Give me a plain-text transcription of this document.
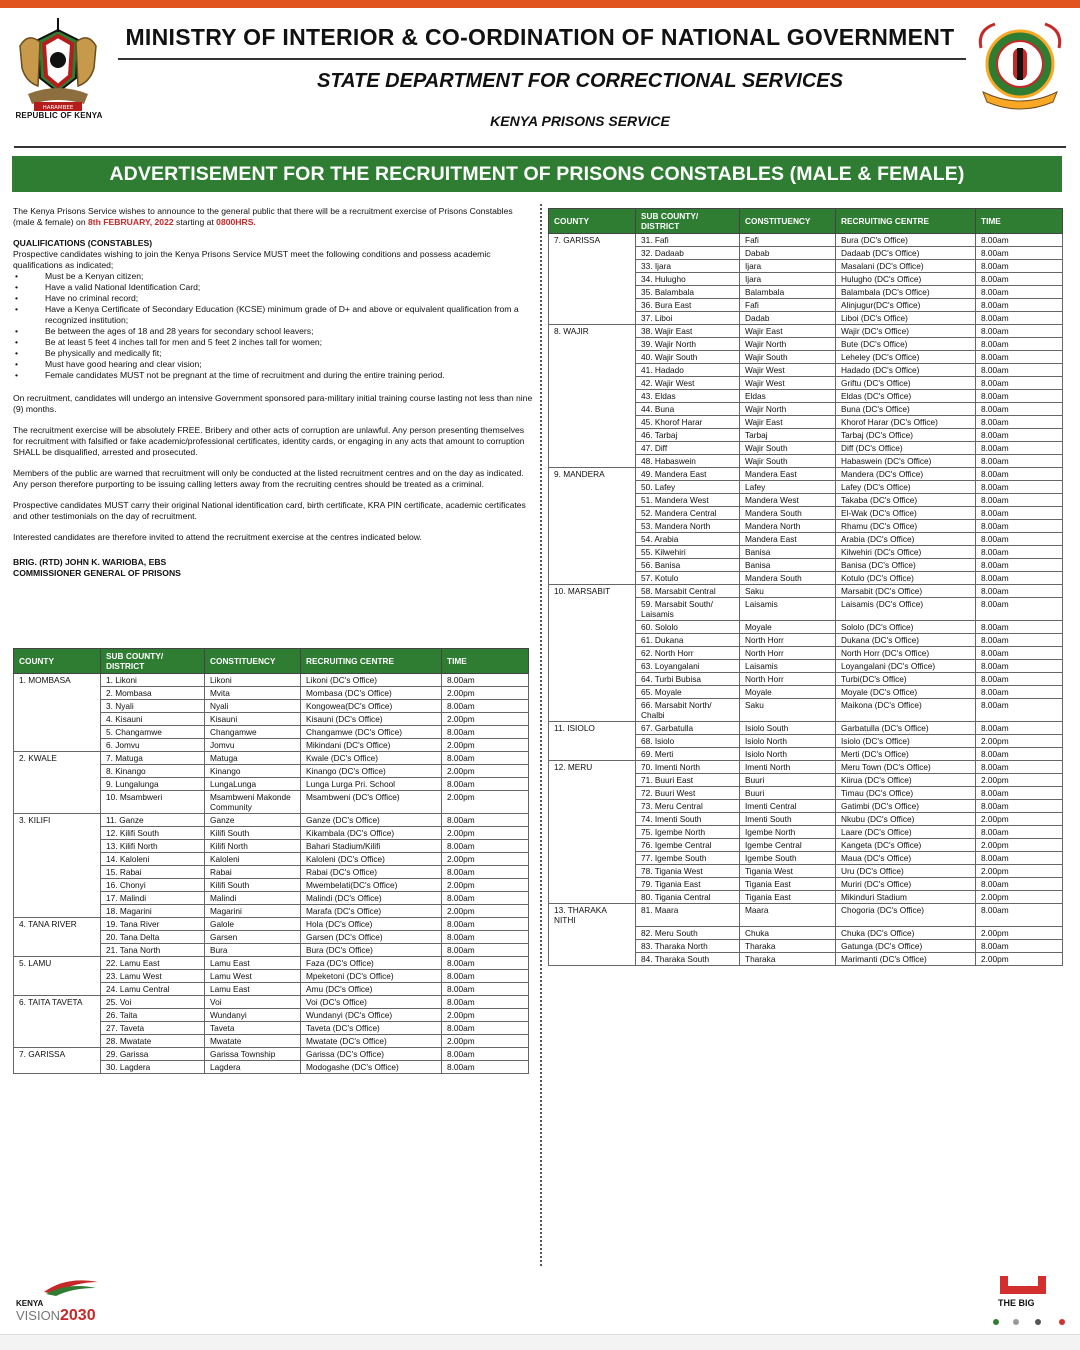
HARAMBEE
REPUBLIC OF KENYA
MINISTRY OF INTERIOR & CO-ORDINATION OF NATIONAL GOVERNMENT
STATE DEPARTMENT FOR CORRECTIONAL SERVICES
KENYA PRISONS SERVICE
ADVERTISEMENT FOR THE RECRUITMENT OF PRISONS CONSTABLES (MALE & FEMALE)

The Kenya Prisons Service wishes to announce to the general public that there will be a recruitment exercise of Prisons Constables (male & female) on 8th FEBRUARY, 2022 starting at 0800HRS.

QUALIFICATIONS (CONSTABLES)
Prospective candidates wishing to join the Kenya Prisons Service MUST meet the following conditions and possess academic qualifications as indicated;
• Must be a Kenyan citizen;
• Have a valid National Identification Card;
• Have no criminal record;
• Have a Kenya Certificate of Secondary Education (KCSE) minimum grade of D+ and above or equivalent qualification from a recognized institution;
• Be between the ages of 18 and 28 years for secondary school leavers;
• Be at least 5 feet 4 inches tall for men and 5 feet 2 inches tall for women;
• Be physically and medically fit;
• Must have good hearing and clear vision;
• Female candidates MUST not be pregnant at the time of recruitment and during the entire training period.

On recruitment, candidates will undergo an intensive Government sponsored para-military initial training course lasting not less than nine (9) months.

The recruitment exercise will be absolutely FREE. Bribery and other acts of corruption are unlawful. Any person presenting themselves for recruitment with falsified or fake academic/professional certificates, identity cards, or engaging in any acts that amount to corruption SHALL be disqualified, arrested and prosecuted.

Members of the public are warned that recruitment will only be conducted at the listed recruitment centres and on the day as indicated. Any person therefore purporting to be issuing calling letters away from the recruiting centres should be treated as a criminal.

Prospective candidates MUST carry their original National identification card, birth certificate, KRA PIN certificate, academic certificates and other testimonials on the day of recruitment.

Interested candidates are therefore invited to attend the recruitment exercise at the centres indicated below.

BRIG. (RTD) JOHN K. WARIOBA, EBS

COMMISSIONER GENERAL OF PRISONS

COUNTY	SUB COUNTY/ DISTRICT	CONSTITUENCY	RECRUITING CENTRE	TIME
1. MOMBASA	1. Likoni	Likoni	Likoni (DC's Office)	8.00am
	2. Mombasa	Mvita	Mombasa (DC's Office)	2.00pm
	3. Nyali	Nyali	Kongowea(DC's Office)	8.00am
	4. Kisauni	Kisauni	Kisauni (DC's Office)	2.00pm
	5. Changamwe	Changamwe	Changamwe (DC's Office)	8.00am
	6. Jomvu	Jomvu	Mikindani (DC's Office)	2.00pm
2. KWALE	7. Matuga	Matuga	Kwale (DC's Office)	8.00am
	8. Kinango	Kinango	Kinango (DC's Office)	2.00pm
	9. Lungalunga	LungaLunga	Lunga Lurga Pri. School	8.00am
	10. Msambweri	Msambweni Makonde Community	Msambweni (DC's Office)	2.00pm
3. KILIFI	11. Ganze	Ganze	Ganze (DC's Office)	8.00am
	12. Kilifi South	Kilifi South	Kikambala (DC's Office)	2.00pm
	13. Kilifi North	Kilifi North	Bahari Stadium/Kilifi	8.00am
	14. Kaloleni	Kaloleni	Kaloleni (DC's Office)	2.00pm
	15. Rabai	Rabai	Rabai (DC's Office)	8.00am
	16. Chonyi	Kilifi South	Mwembelati(DC's Office)	2.00pm
	17. Malindi	Malindi	Malindi (DC's Office)	8.00am
	18. Magarini	Magarini	Marafa (DC's Office)	2.00pm
4. TANA RIVER	19. Tana River	Galole	Hola (DC's Office)	8.00am
	20. Tana Delta	Garsen	Garsen (DC's Office)	8.00am
	21. Tana North	Bura	Bura (DC's Office)	8.00am
5. LAMU	22. Lamu East	Lamu East	Faza (DC's Office)	8.00am
	23. Lamu West	Lamu West	Mpeketoni (DC's Office)	8.00am
	24. Lamu Central	Lamu East	Amu (DC's Office)	8.00am
6. TAITA TAVETA	25. Voi	Voi	Voi (DC's Office)	8.00am
	26. Taita	Wundanyi	Wundanyi (DC's Office)	2.00pm
	27. Taveta	Taveta	Taveta (DC's Office)	8.00am
	28. Mwatate	Mwatate	Mwatate (DC's Office)	2.00pm
7. GARISSA	29. Garissa	Garissa Township	Garissa (DC's Office)	8.00am
	30. Lagdera	Lagdera	Modogashe (DC's Office)	8.00am
COUNTY	SUB COUNTY/ DISTRICT	CONSTITUENCY	RECRUITING CENTRE	TIME
7. GARISSA	31. Fafi	Fafi	Bura (DC's Office)	8.00am
	32. Dadaab	Dabab	Dadaab (DC's Office)	8.00am
	33. Ijara	Ijara	Masalani (DC's Office)	8.00am
	34. Hulugho	Ijara	Hulugho (DC's Office)	8.00am
	35. Balambala	Balambala	Balambala (DC's Office)	8.00am
	36. Bura East	Fafi	Alinjugur(DC's Office)	8.00am
	37. Liboi	Dadab	Liboi (DC's Office)	8.00am
8. WAJIR	38. Wajir East	Wajir East	Wajir (DC's Office)	8.00am
	39. Wajir North	Wajir North	Bute (DC's Office)	8.00am
	40. Wajir South	Wajir South	Leheley (DC's Office)	8.00am
	41. Hadado	Wajir West	Hadado (DC's Office)	8.00am
	42. Wajir West	Wajir West	Griftu (DC's Office)	8.00am
	43. Eldas	Eldas	Eldas (DC's Office)	8.00am
	44. Buna	Wajir North	Buna (DC's Office)	8.00am
	45. Khorof Harar	Wajir East	Khorof Harar (DC's Office)	8.00am
	46. Tarbaj	Tarbaj	Tarbaj (DC's Office)	8.00am
	47. Diff	Wajir South	Diff (DC's Office)	8.00am
	48. Habaswein	Wajir South	Habaswein (DC's Office)	8.00am
9. MANDERA	49. Mandera East	Mandera East	Mandera (DC's Office)	8.00am
	50. Lafey	Lafey	Lafey (DC's Office)	8.00am
	51. Mandera West	Mandera West	Takaba (DC's Office)	8.00am
	52. Mandera Central	Mandera South	El-Wak (DC's Office)	8.00am
	53. Mandera North	Mandera North	Rhamu (DC's Office)	8.00am
	54. Arabia	Mandera East	Arabia (DC's Office)	8.00am
	55. Kilwehiri	Banisa	Kilwehiri (DC's Office)	8.00am
	56. Banisa	Banisa	Banisa (DC's Office)	8.00am
	57. Kotulo	Mandera South	Kotulo (DC's Office)	8.00am
10. MARSABIT	58. Marsabit Central	Saku	Marsabit (DC's Office)	8.00am
	59. Marsabit South/ Laisamis	Laisamis	Laisamis (DC's Office)	8.00am
	60. Sololo	Moyale	Sololo (DC's Office)	8.00am
	61. Dukana	North Horr	Dukana (DC's Office)	8.00am
	62. North Horr	North Horr	North Horr (DC's Office)	8.00am
	63. Loyangalani	Laisamis	Loyangalani (DC's Office)	8.00am
	64. Turbi Bubisa	North Horr	Turbi(DC's Office)	8.00am
	65. Moyale	Moyale	Moyale (DC's Office)	8.00am
	66. Marsabit North/ Chalbi	Saku	Maikona (DC's Office)	8.00am
11. ISIOLO	67. Garbatulla	Isiolo South	Garbatulla (DC's Office)	8.00am
	68. Isiolo	Isiolo North	Isiolo (DC's Office)	2.00pm
	69. Merti	Isiolo North	Merti (DC's Office)	8.00am
12. MERU	70. Imenti North	Imenti North	Meru Town (DC's Office)	8.00am
	71. Buuri East	Buuri	Kiirua (DC's Office)	2.00pm
	72. Buuri West	Buuri	Timau (DC's Office)	8.00am
	73. Meru Central	Imenti Central	Gatimbi (DC's Office)	8.00am
	74. Imenti South	Imenti South	Nkubu (DC's Office)	2.00pm
	75. Igembe North	Igembe North	Laare (DC's Office)	8.00am
	76. Igembe Central	Igembe Central	Kangeta (DC's Office)	2.00pm
	77. Igembe South	Igembe South	Maua (DC's Office)	8.00am
	78. Tigania West	Tigania West	Uru (DC's Office)	2.00pm
	79. Tigania East	Tigania East	Muriri (DC's Office)	8.00am
	80. Tigania Central	Tigania East	Mikinduri Stadium	2.00pm
13. THARAKA NITHI	81. Maara	Maara	Chogoria (DC's Office)	8.00am
	82. Meru South	Chuka	Chuka (DC's Office)	2.00pm
	83. Tharaka North	Tharaka	Gatunga (DC's Office)	8.00am
	84. Tharaka South	Tharaka	Marimanti (DC's Office)	2.00pm
KENYA
VISION 2030
THE BIG
